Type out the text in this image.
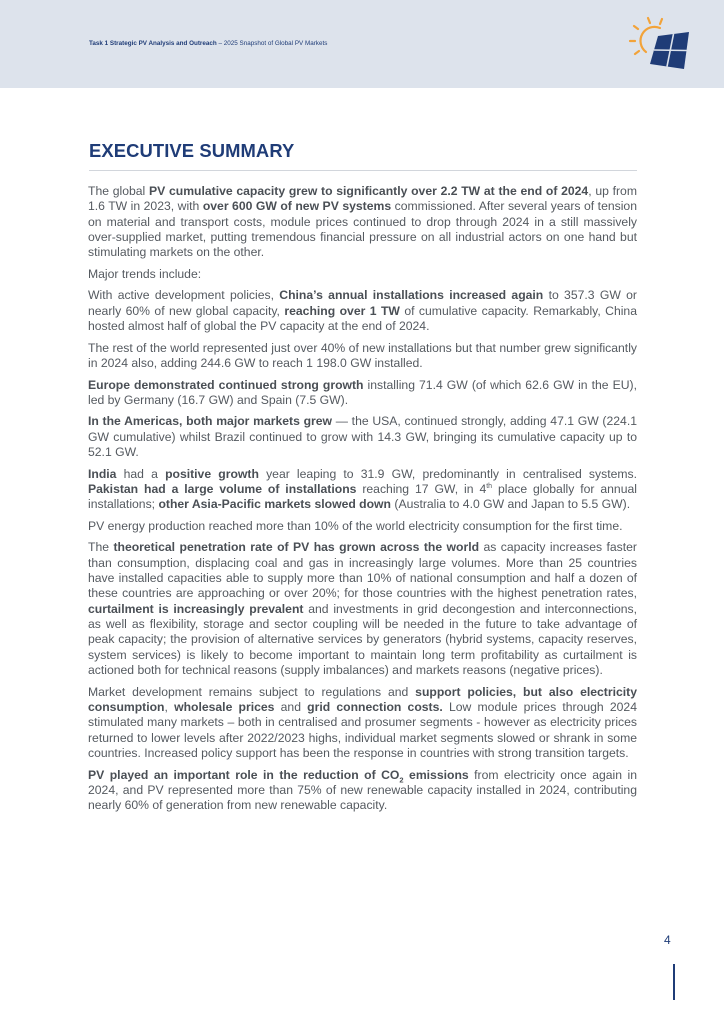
Task 1 Strategic PV Analysis and Outreach – 2025 Snapshot of Global PV Markets
EXECUTIVE SUMMARY

The global PV cumulative capacity grew to significantly over 2.2 TW at the end of 2024, up from 1.6 TW in 2023, with over 600 GW of new PV systems commissioned. After several years of tension on material and transport costs, module prices continued to drop through 2024 in a still massively over-supplied market, putting tremendous financial pressure on all industrial actors on one hand but stimulating markets on the other.

Major trends include:

With active development policies, China’s annual installations increased again to 357.3 GW or nearly 60% of new global capacity, reaching over 1 TW of cumulative capacity. Remarkably, China hosted almost half of global the PV capacity at the end of 2024.

The rest of the world represented just over 40% of new installations but that number grew significantly in 2024 also, adding 244.6 GW to reach 1 198.0 GW installed.

Europe demonstrated continued strong growth installing 71.4 GW (of which 62.6 GW in the EU), led by Germany (16.7 GW) and Spain (7.5 GW).

In the Americas, both major markets grew — the USA, continued strongly, adding 47.1 GW (224.1 GW cumulative) whilst Brazil continued to grow with 14.3 GW, bringing its cumulative capacity up to 52.1 GW.

India had a positive growth year leaping to 31.9 GW, predominantly in centralised systems. Pakistan had a large volume of installations reaching 17 GW, in 4th place globally for annual installations; other Asia-Pacific markets slowed down (Australia to 4.0 GW and Japan to 5.5 GW).

PV energy production reached more than 10% of the world electricity consumption for the first time.

The theoretical penetration rate of PV has grown across the world as capacity increases faster than consumption, displacing coal and gas in increasingly large volumes. More than 25 countries have installed capacities able to supply more than 10% of national consumption and half a dozen of these countries are approaching or over 20%; for those countries with the highest penetration rates, curtailment is increasingly prevalent and investments in grid decongestion and interconnections, as well as flexibility, storage and sector coupling will be needed in the future to take advantage of peak capacity; the provision of alternative services by generators (hybrid systems, capacity reserves, system services) is likely to become important to maintain long term profitability as curtailment is actioned both for technical reasons (supply imbalances) and markets reasons (negative prices).

Market development remains subject to regulations and support policies, but also electricity consumption, wholesale prices and grid connection costs. Low module prices through 2024 stimulated many markets – both in centralised and prosumer segments - however as electricity prices returned to lower levels after 2022/2023 highs, individual market segments slowed or shrank in some countries. Increased policy support has been the response in countries with strong transition targets.

PV played an important role in the reduction of $CO_2$ emissions from electricity once again in 2024, and PV represented more than 75% of new renewable capacity installed in 2024, contributing nearly 60% of generation from new renewable capacity.

4
